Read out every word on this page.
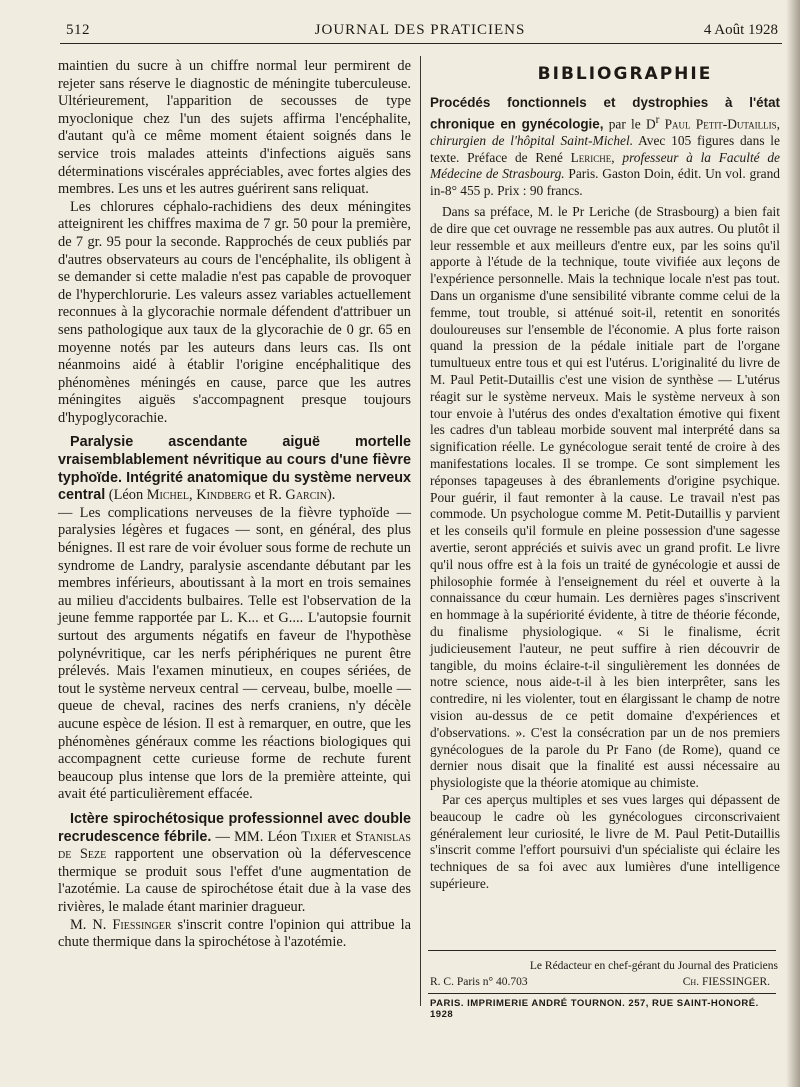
512	JOURNAL DES PRATICIENS	4 Août 1928

maintien du sucre à un chiffre normal leur permirent de rejeter sans réserve le diagnostic de méningite tuberculeuse. Ultérieurement, l'apparition de secousses de type myoclonique chez l'un des sujets affirma l'encéphalite, d'autant qu'à ce même moment étaient soignés dans le service trois malades atteints d'infections aiguës sans déterminations viscérales appréciables, avec fortes algies des membres. Les uns et les autres guérirent sans reliquat.

Les chlorures céphalo-rachidiens des deux méningites atteignirent les chiffres maxima de 7 gr. 50 pour la première, de 7 gr. 95 pour la seconde. Rapprochés de ceux publiés par d'autres observateurs au cours de l'encéphalite, ils obligent à se demander si cette maladie n'est pas capable de provoquer de l'hyperchlorurie. Les valeurs assez variables actuellement reconnues à la glycorachie normale défendent d'attribuer un sens pathologique aux taux de la glycorachie de 0 gr. 65 en moyenne notés par les auteurs dans leurs cas. Ils ont néanmoins aidé à établir l'origine encéphalitique des phénomènes méningés en cause, parce que les autres méningites aiguës s'accompagnent presque toujours d'hypoglycorachie.

Paralysie ascendante aiguë mortelle vraisemblablement névritique au cours d'une fièvre typhoïde. Intégrité anatomique du système nerveux central (Léon Michel, Kindberg et R. Garcin).

— Les complications nerveuses de la fièvre typhoïde — paralysies légères et fugaces — sont, en général, des plus bénignes. Il est rare de voir évoluer sous forme de rechute un syndrome de Landry, paralysie ascendante débutant par les membres inférieurs, aboutissant à la mort en trois semaines au milieu d'accidents bulbaires. Telle est l'observation de la jeune femme rapportée par L. K... et G.... L'autopsie fournit surtout des arguments négatifs en faveur de l'hypothèse polynévritique, car les nerfs périphériques ne purent être prélevés. Mais l'examen minutieux, en coupes sériées, de tout le système nerveux central — cerveau, bulbe, moelle — queue de cheval, racines des nerfs craniens, n'y décèle aucune espèce de lésion. Il est à remarquer, en outre, que les phénomènes généraux comme les réactions biologiques qui accompagnent cette curieuse forme de rechute furent beaucoup plus intense que lors de la première atteinte, qui avait été particulièrement effacée.

Ictère spirochétosique professionnel avec double recrudescence fébrile. — MM. Léon Tixier et Stanislas de Seze rapportent une observation où la défervescence thermique se produit sous l'effet d'une augmentation de l'azotémie. La cause de spirochétose était due à la vase des rivières, le malade étant marinier dragueur.

M. N. Fiessinger s'inscrit contre l'opinion qui attribue la chute thermique dans la spirochétose à l'azotémie.

BIBLIOGRAPHIE

Procédés fonctionnels et dystrophies à l'état chronique en gynécologie, par le $D^r$ Paul Petit-Dutaillis, chirurgien de l'hôpital Saint-Michel. Avec 105 figures dans le texte. Préface de René Leriche, professeur à la Faculté de Médecine de Strasbourg. Paris. Gaston Doin, édit. Un vol. grand in-8° 455 p. Prix : 90 francs.

Dans sa préface, M. le Pr Leriche (de Strasbourg) a bien fait de dire que cet ouvrage ne ressemble pas aux autres. Ou plutôt il leur ressemble et aux meilleurs d'entre eux, par les soins qu'il apporte à l'étude de la technique, toute vivifiée aux leçons de l'expérience personnelle. Mais la technique locale n'est pas tout. Dans un organisme d'une sensibilité vibrante comme celui de la femme, tout trouble, si atténué soit-il, retentit en sonorités douloureuses sur l'ensemble de l'économie. A plus forte raison quand la pression de la pédale initiale part de l'organe tumultueux entre tous et qui est l'utérus. L'originalité du livre de M. Paul Petit-Dutaillis c'est une vision de synthèse — L'utérus réagit sur le système nerveux. Mais le système nerveux à son tour envoie à l'utérus des ondes d'exaltation émotive qui fixent les cadres d'un tableau morbide souvent mal interprété dans sa signification réelle. Le gynécologue serait tenté de croire à des manifestations locales. Il se trompe. Ce sont simplement les réponses tapageuses à des ébranlements d'origine psychique. Pour guérir, il faut remonter à la cause. Le travail n'est pas commode. Un psychologue comme M. Petit-Dutaillis y parvient et les conseils qu'il formule en pleine possession d'une sagesse avertie, seront appréciés et suivis avec un grand profit. Le livre qu'il nous offre est à la fois un traité de gynécologie et aussi de philosophie formée à l'enseignement du réel et ouverte à la connaissance du cœur humain. Les dernières pages s'inscrivent en hommage à la supériorité évidente, à titre de théorie féconde, du finalisme physiologique. « Si le finalisme, écrit judicieusement l'auteur, ne peut suffire à rien découvrir de tangible, du moins éclaire-t-il singulièrement les données de notre science, nous aide-t-il à les bien interprêter, sans les contredire, ni les violenter, tout en élargissant le champ de notre vision au-dessus de ce petit domaine d'expériences et d'observations. ». C'est la consécration par un de nos premiers gynécologues de la parole du Pr Fano (de Rome), quand ce dernier nous disait que la finalité est aussi nécessaire au physiologiste que la théorie atomique au chimiste.

Par ces aperçus multiples et ses vues larges qui dépassent de beaucoup le cadre où les gynécologues circonscrivaient généralement leur curiosité, le livre de M. Paul Petit-Dutaillis s'inscrit comme l'effort poursuivi d'un spécialiste qui éclaire les techniques de sa foi avec aux lumières d'une intelligence supérieure.

Le Rédacteur en chef-gérant du Journal des Praticiens
R. C. Paris n° 40.703	Ch. FIESSINGER.
PARIS. IMPRIMERIE ANDRÉ TOURNON. 257, RUE SAINT-HONORÉ. 1928
